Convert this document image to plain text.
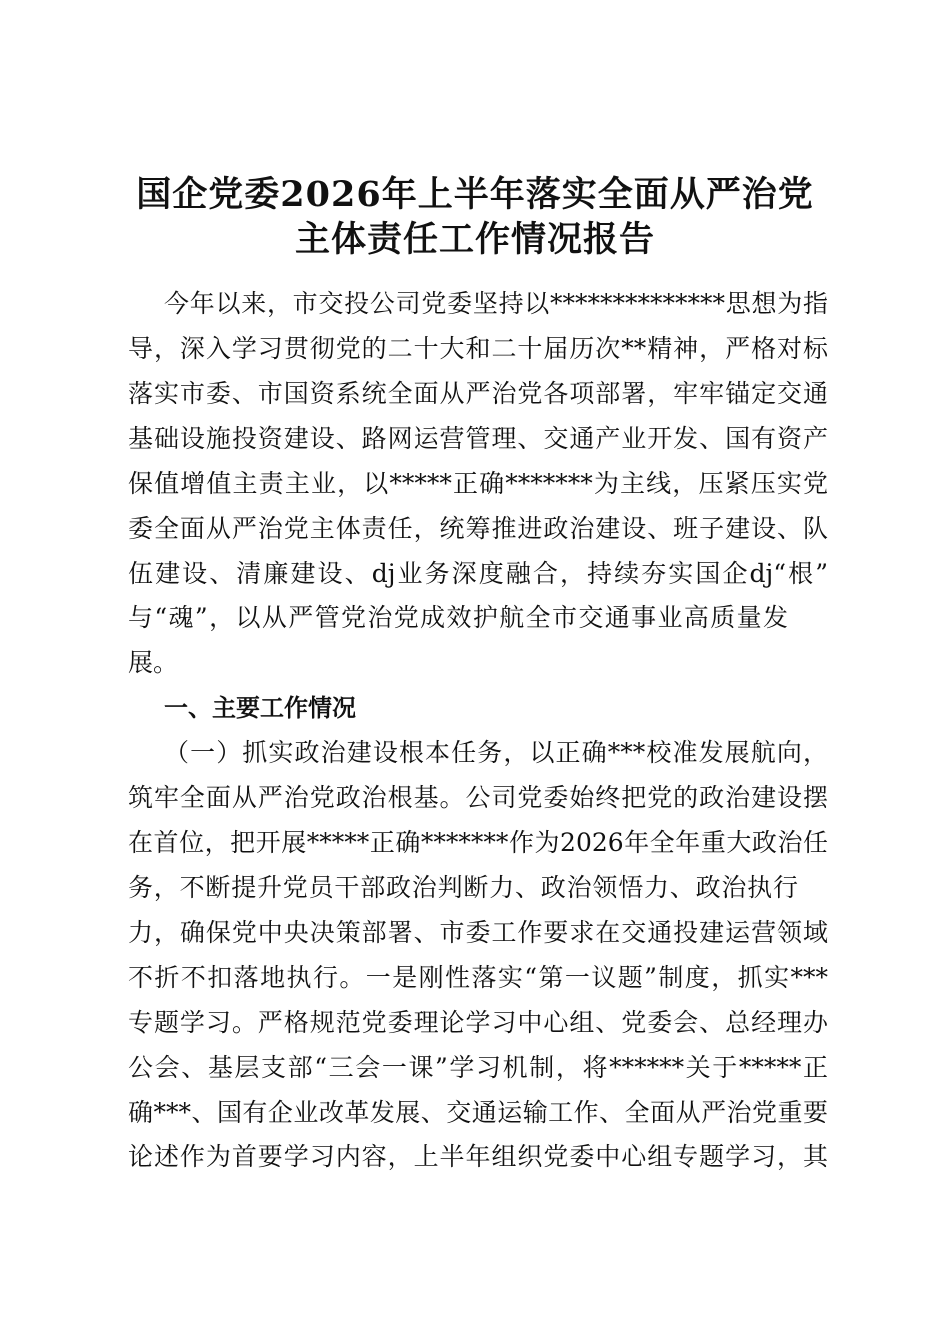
国企党委2026年上半年落实全面从严治党
主体责任工作情况报告
今年以来，市交投公司党委坚持以**************思想为指
导，深入学习贯彻党的二十大和二十届历次**精神，严格对标
落实市委、市国资系统全面从严治党各项部署，牢牢锚定交通
基础设施投资建设、路网运营管理、交通产业开发、国有资产
保值增值主责主业，以*****正确*******为主线，压紧压实党
委全面从严治党主体责任，统筹推进政治建设、班子建设、队
伍建设、清廉建设、dj业务深度融合，持续夯实国企dj“根”
与“魂”，以从严管党治党成效护航全市交通事业高质量发
展。
一、主要工作情况
（一）抓实政治建设根本任务，以正确***校准发展航向，
筑牢全面从严治党政治根基。公司党委始终把党的政治建设摆
在首位，把开展*****正确*******作为2026年全年重大政治任
务，不断提升党员干部政治判断力、政治领悟力、政治执行
力，确保党中央决策部署、市委工作要求在交通投建运营领域
不折不扣落地执行。一是刚性落实“第一议题”制度，抓实***
专题学习。严格规范党委理论学习中心组、党委会、总经理办
公会、基层支部“三会一课”学习机制，将******关于*****正
确***、国有企业改革发展、交通运输工作、全面从严治党重要
论述作为首要学习内容，上半年组织党委中心组专题学习，其
